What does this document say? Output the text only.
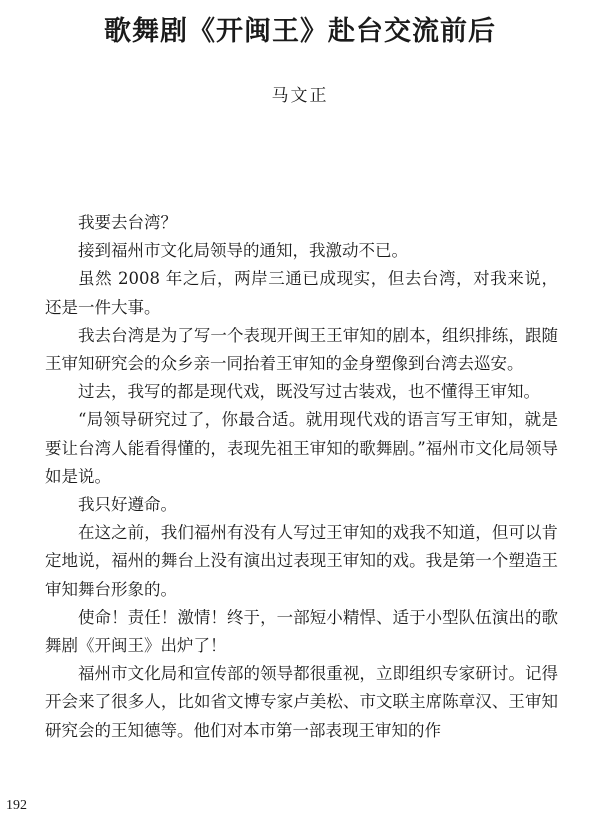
歌舞剧《开闽王》赴台交流前后
马文正

我要去台湾？

接到福州市文化局领导的通知，我激动不已。

虽然 2008 年之后，两岸三通已成现实，但去台湾，对我来说，还是一件大事。

我去台湾是为了写一个表现开闽王王审知的剧本，组织排练，跟随王审知研究会的众乡亲一同抬着王审知的金身塑像到台湾去巡安。

过去，我写的都是现代戏，既没写过古装戏，也不懂得王审知。

“局领导研究过了，你最合适。就用现代戏的语言写王审知，就是要让台湾人能看得懂的，表现先祖王审知的歌舞剧。”福州市文化局领导如是说。

我只好遵命。

在这之前，我们福州有没有人写过王审知的戏我不知道，但可以肯定地说，福州的舞台上没有演出过表现王审知的戏。我是第一个塑造王审知舞台形象的。

使命！责任！激情！终于，一部短小精悍、适于小型队伍演出的歌舞剧《开闽王》出炉了！

福州市文化局和宣传部的领导都很重视，立即组织专家研讨。记得开会来了很多人，比如省文博专家卢美松、市文联主席陈章汉、王审知研究会的王知德等。他们对本市第一部表现王审知的作

192
